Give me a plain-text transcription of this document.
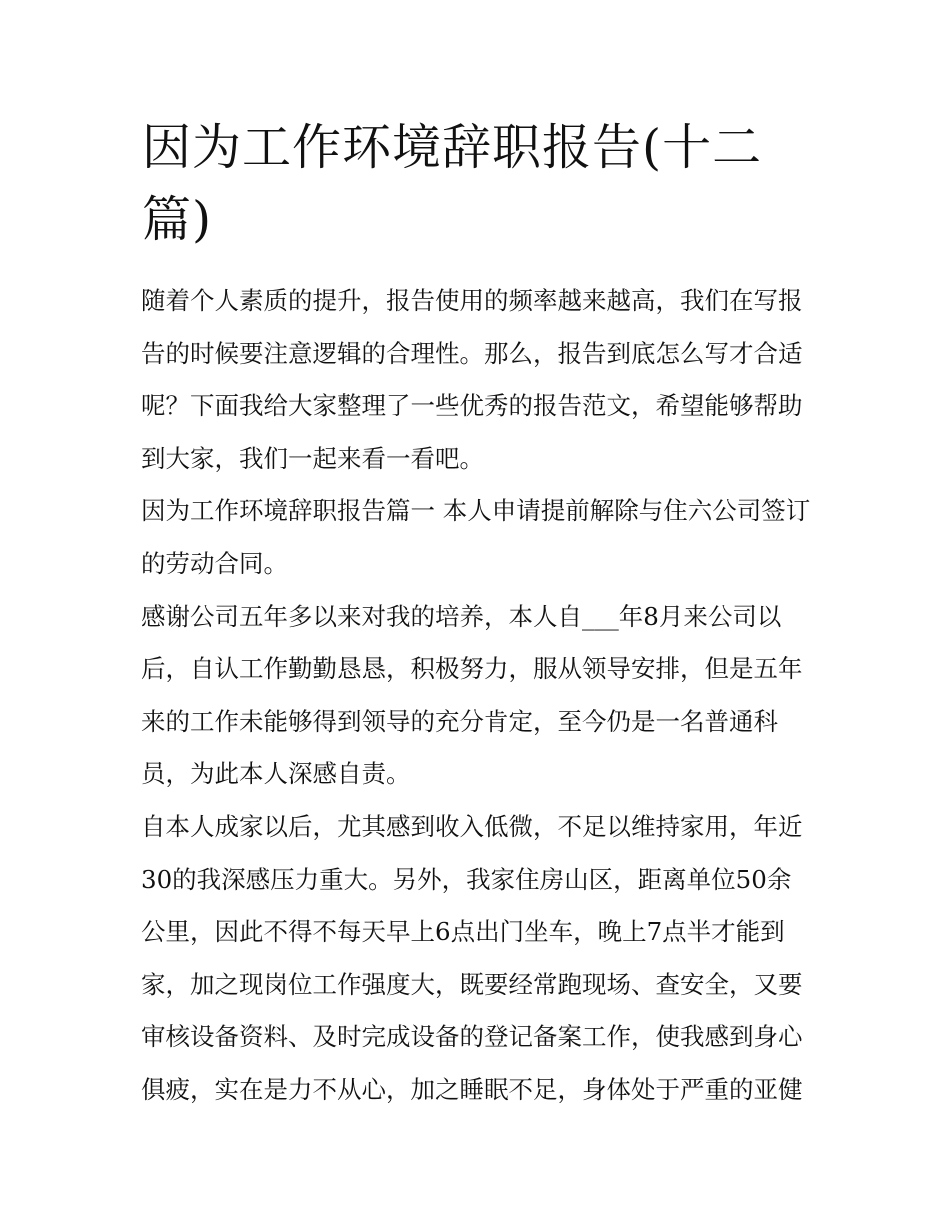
因为工作环境辞职报告(十二篇)

随着个人素质的提升，报告使用的频率越来越高，我们在写报告的时候要注意逻辑的合理性。那么，报告到底怎么写才合适呢？下面我给大家整理了一些优秀的报告范文，希望能够帮助到大家，我们一起来看一看吧。

因为工作环境辞职报告篇一 本人申请提前解除与住六公司签订的劳动合同。

感谢公司五年多以来对我的培养，本人自___年8月来公司以后，自认工作勤勤恳恳，积极努力，服从领导安排，但是五年来的工作未能够得到领导的充分肯定，至今仍是一名普通科员，为此本人深感自责。

自本人成家以后，尤其感到收入低微，不足以维持家用，年近30的我深感压力重大。另外，我家住房山区，距离单位50余公里，因此不得不每天早上6点出门坐车，晚上7点半才能到家，加之现岗位工作强度大，既要经常跑现场、查安全，又要审核设备资料、及时完成设备的登记备案工作，使我感到身心俱疲，实在是力不从心，加之睡眠不足，身体处于严重的亚健
